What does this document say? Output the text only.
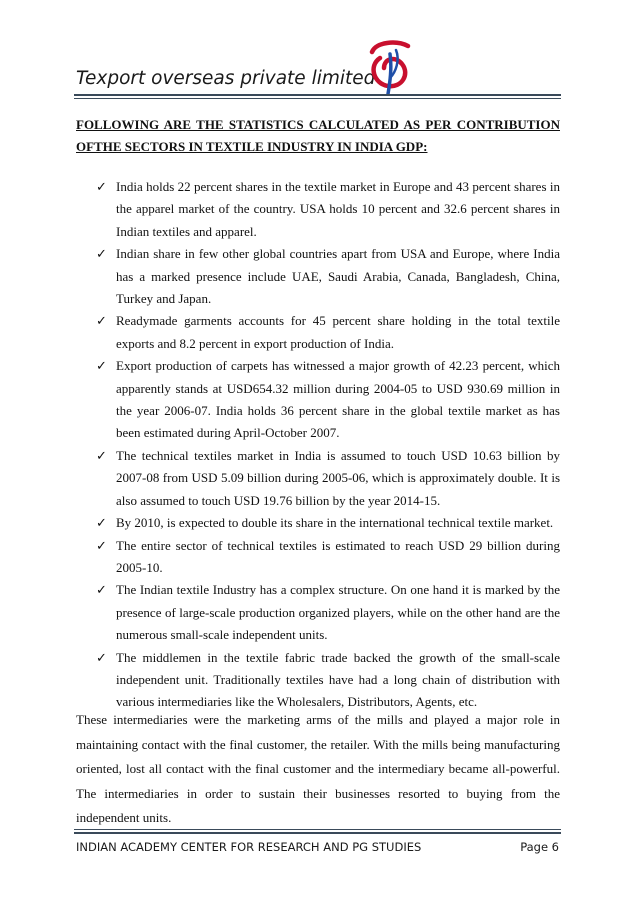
Texport overseas private limited
FOLLOWING ARE THE STATISTICS CALCULATED AS PER CONTRIBUTION OFTHE SECTORS IN TEXTILE INDUSTRY IN INDIA GDP:
✓ India holds 22 percent shares in the textile market in Europe and 43 percent shares in the apparel market of the country. USA holds 10 percent and 32.6 percent shares in Indian textiles and apparel.
✓ Indian share in few other global countries apart from USA and Europe, where India has a marked presence include UAE, Saudi Arabia, Canada, Bangladesh, China, Turkey and Japan.
✓ Readymade garments accounts for 45 percent share holding in the total textile exports and 8.2 percent in export production of India.
✓ Export production of carpets has witnessed a major growth of 42.23 percent, which apparently stands at USD654.32 million during 2004-05 to USD 930.69 million in the year 2006-07. India holds 36 percent share in the global textile market as has been estimated during April-October 2007.
✓ The technical textiles market in India is assumed to touch USD 10.63 billion by 2007-08 from USD 5.09 billion during 2005-06, which is approximately double. It is also assumed to touch USD 19.76 billion by the year 2014-15.
✓ By 2010, is expected to double its share in the international technical textile market.
✓ The entire sector of technical textiles is estimated to reach USD 29 billion during 2005-10.
✓ The Indian textile Industry has a complex structure. On one hand it is marked by the presence of large-scale production organized players, while on the other hand are the numerous small-scale independent units.
✓ The middlemen in the textile fabric trade backed the growth of the small-scale independent unit. Traditionally textiles have had a long chain of distribution with various intermediaries like the Wholesalers, Distributors, Agents, etc.

These intermediaries were the marketing arms of the mills and played a major role in maintaining contact with the final customer, the retailer. With the mills being manufacturing oriented, lost all contact with the final customer and the intermediary became all-powerful. The intermediaries in order to sustain their businesses resorted to buying from the independent units.

INDIAN ACADEMY CENTER FOR RESEARCH AND PG STUDIES	Page 6
